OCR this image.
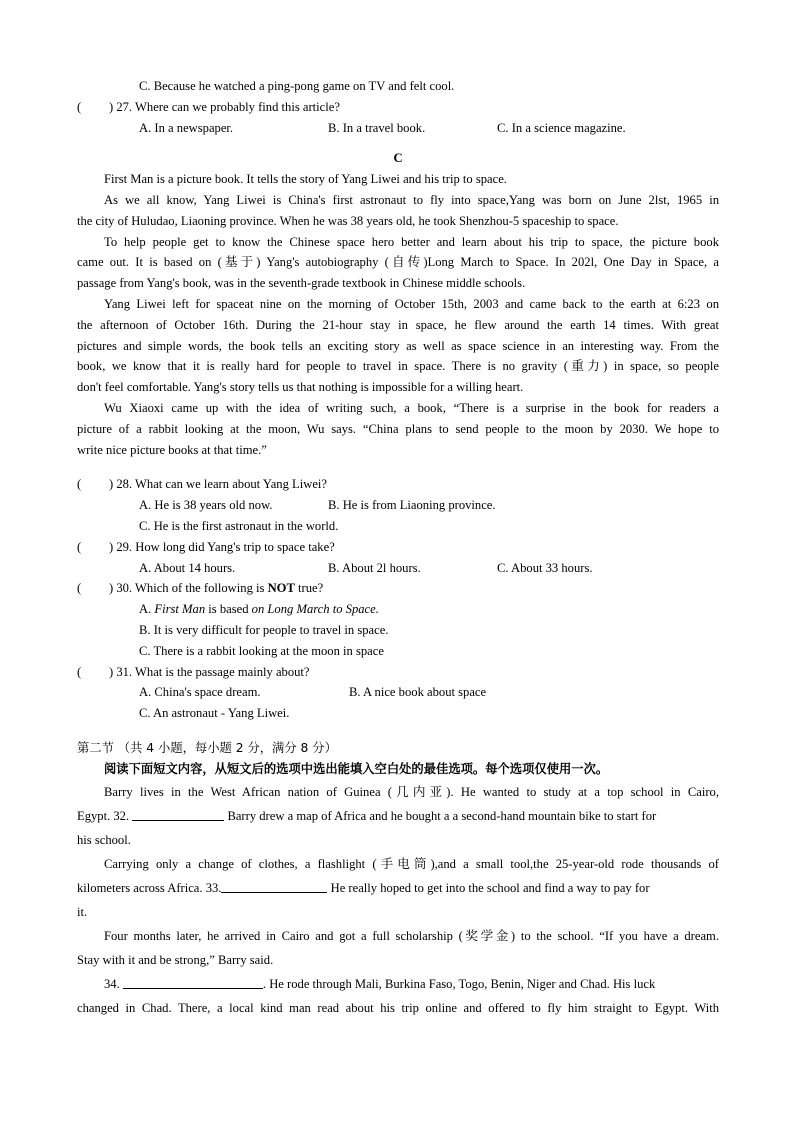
C. Because he watched a ping-pong game on TV and felt cool.
( ) 27. Where can we probably find this article?
A. In a newspaper.	B. In a travel book.	C. In a science magazine.
C
First Man is a picture book. It tells the story of Yang Liwei and his trip to space.
As we all know, Yang Liwei is China's first astronaut to fly into space,Yang was born on June 2lst, 1965 in
the city of Huludao, Liaoning province. When he was 38 years old, he took Shenzhou-5 spaceship to space.
To help people get to know the Chinese space hero better and learn about his trip to space, the picture book
came out. It is based on (基于) Yang's autobiography (自传)Long March to Space. In 202l, One Day in Space, a
passage from Yang's book, was in the seventh-grade textbook in Chinese middle schools.
Yang Liwei left for spaceat nine on the morning of October 15th, 2003 and came back to the earth at 6:23 on
the afternoon of October 16th. During the 21-hour stay in space, he flew around the earth 14 times. With great
pictures and simple words, the book tells an exciting story as well as space science in an interesting way. From the
book, we know that it is really hard for people to travel in space. There is no gravity (重力) in space, so people
don't feel comfortable. Yang's story tells us that nothing is impossible for a willing heart.
Wu Xiaoxi came up with the idea of writing such, a book, “There is a surprise in the book for readers a
picture of a rabbit looking at the moon, Wu says. “China plans to send people to the moon by 2030. We hope to
write nice picture books at that time.”
( ) 28. What can we learn about Yang Liwei?
A. He is 38 years old now.	B. He is from Liaoning province.
C. He is the first astronaut in the world.
( ) 29. How long did Yang's trip to space take?
A. About 14 hours.	B. About 2l hours.	C. About 33 hours.
( ) 30. Which of the following is NOT true?
A. First Man is based on Long March to Space.
B. It is very difficult for people to travel in space.
C. There is a rabbit looking at the moon in space
( ) 31. What is the passage mainly about?
A. China's space dream.	B. A nice book about space
C. An astronaut - Yang Liwei.
第二节 （共 4 小题，每小题 2 分，满分 8 分）
阅读下面短文内容，从短文后的选项中选出能填入空白处的最佳选项。每个选项仅使用一次。
Barry lives in the West African nation of Guinea (几内亚). He wanted to study at a top school in Cairo,
Egypt. 32.	Barry drew a map of Africa and he bought a a second-hand mountain bike to start for
his school.
Carrying only a change of clothes, a flashlight (手电筒),and a small tool,the 25-year-old rode thousands of
kilometers across Africa. 33.	He really hoped to get into the school and find a way to pay for
it.
Four months later, he arrived in Cairo and got a full scholarship (奖学金) to the school. “If you have a dream.
Stay with it and be strong,” Barry said.
34.	. He rode through Mali, Burkina Faso, Togo, Benin, Niger and Chad. His luck
changed in Chad. There, a local kind man read about his trip online and offered to fly him straight to Egypt. With
